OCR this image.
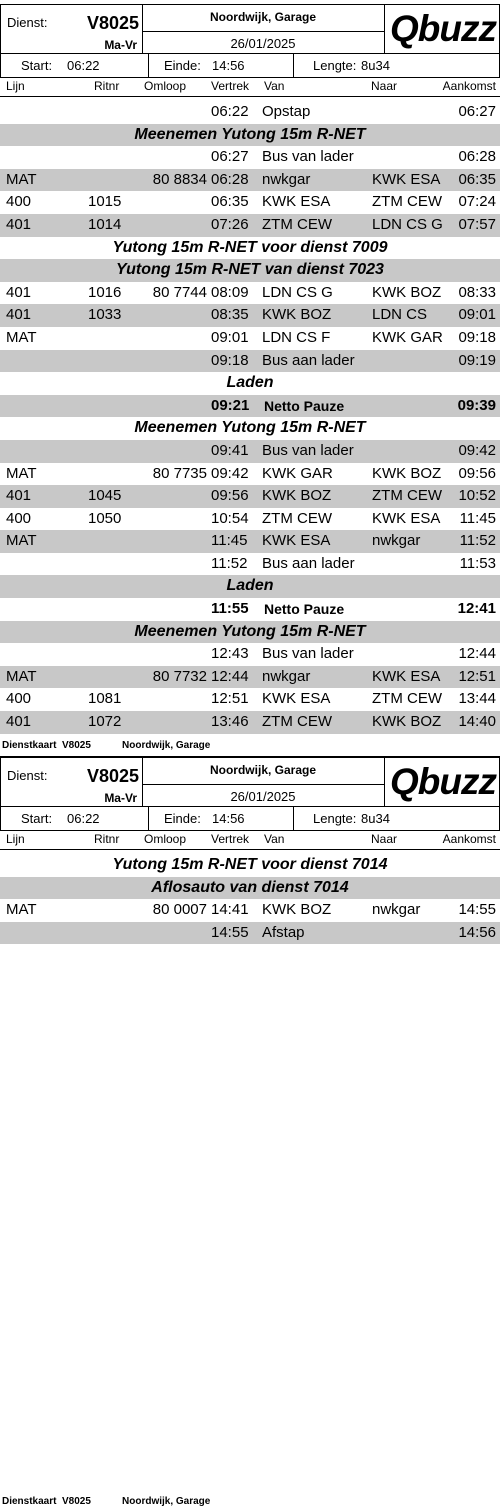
Dienst: V8025
Ma-Vr
Noordwijk, Garage
26/01/2025	Qbuzz
Start: 06:22	Einde: 14:56	Lengte: 8u34
Lijn	Ritnr Omloop Vertrek Van	Naar	Aankomst
06:22 Opstap	06:27
Meenemen Yutong 15m R-NET
06:27 Bus van lader	06:28
MAT	80 8834 06:28 nwkgar	KWK ESA 06:35
400	1015	06:35 KWK ESA	ZTM CEW 07:24
401	1014	07:26 ZTM CEW	LDN CS G 07:57
Yutong 15m R-NET voor dienst 7009
Yutong 15m R-NET van dienst 7023
401	1016 80 7744 08:09 LDN CS G	KWK BOZ 08:33
401	1033	08:35 KWK BOZ	LDN CS 09:01
MAT	09:01 LDN CS F	KWK GAR 09:18
09:18 Bus aan lader	09:19
Laden
09:21 Netto Pauze	09:39
Meenemen Yutong 15m R-NET
09:41 Bus van lader	09:42
MAT	80 7735 09:42 KWK GAR	KWK BOZ 09:56
401	1045	09:56 KWK BOZ	ZTM CEW 10:52
400	1050	10:54 ZTM CEW	KWK ESA 11:45
MAT	11:45 KWK ESA	nwkgar	11:52
11:52 Bus aan lader	11:53
Laden
11:55 Netto Pauze	12:41
Meenemen Yutong 15m R-NET
12:43 Bus van lader	12:44
MAT	80 7732 12:44 nwkgar	KWK ESA 12:51
400	1081	12:51 KWK ESA	ZTM CEW 13:44
401	1072	13:46 ZTM CEW	KWK BOZ 14:40
Dienstkaart V8025	Noordwijk, Garage
Dienst: V8025
Ma-Vr
Noordwijk, Garage
26/01/2025	Qbuzz
Start: 06:22	Einde: 14:56	Lengte: 8u34
Lijn	Ritnr Omloop Vertrek Van	Naar	Aankomst
Yutong 15m R-NET voor dienst 7014
Aflosauto van dienst 7014
MAT	80 0007 14:41 KWK BOZ	nwkgar	14:55
14:55 Afstap	14:56
Dienstkaart V8025	Noordwijk, Garage
